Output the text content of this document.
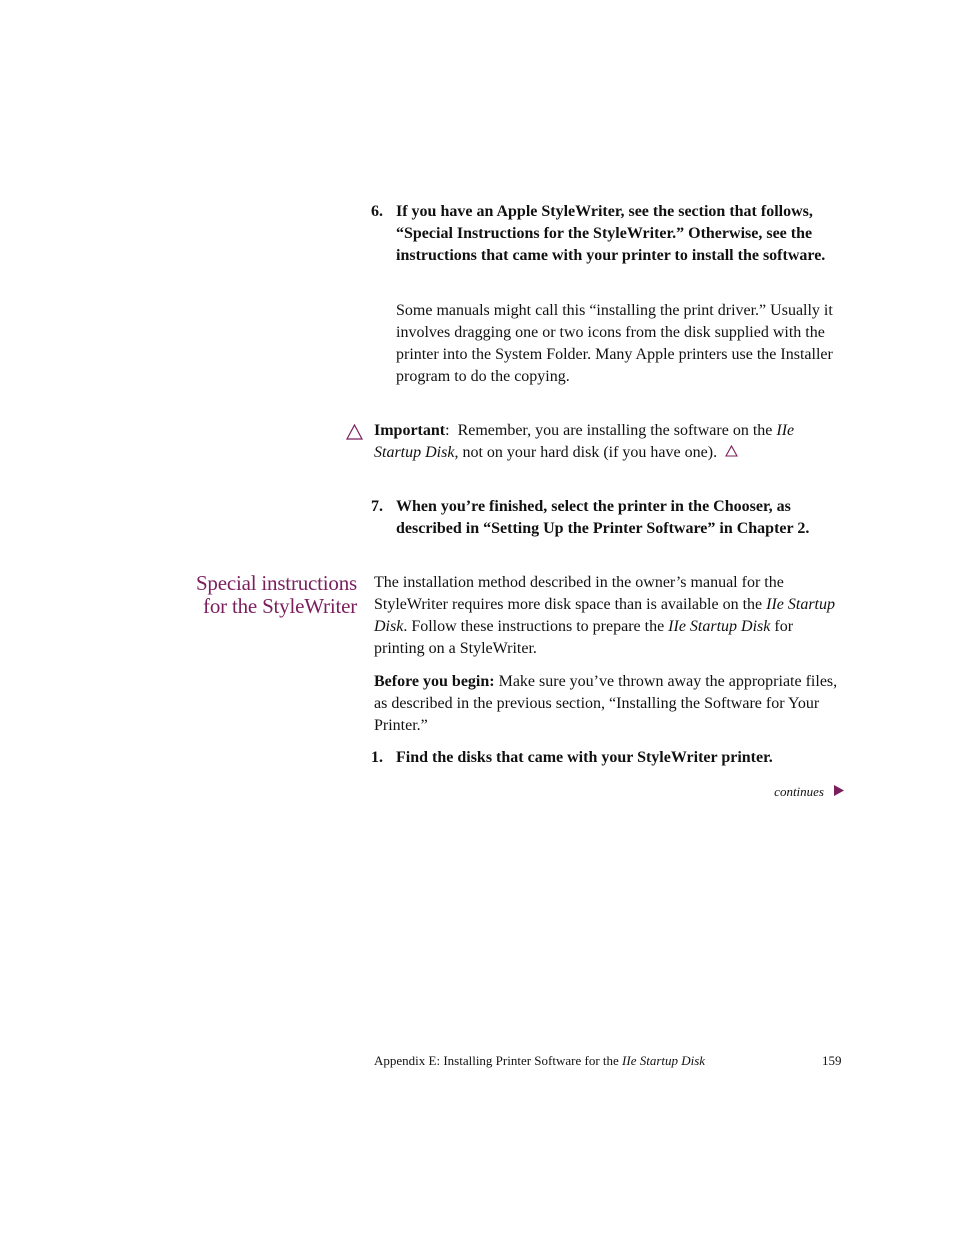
6. If you have an Apple StyleWriter, see the section that follows, “Special Instructions for the StyleWriter.” Otherwise, see the instructions that came with your printer to install the software.
Some manuals might call this “installing the print driver.” Usually it involves dragging one or two icons from the disk supplied with the printer into the System Folder. Many Apple printers use the Installer program to do the copying.
Important: Remember, you are installing the software on the IIe Startup Disk, not on your hard disk (if you have one).
7. When you’re finished, select the printer in the Chooser, as described in “Setting Up the Printer Software” in Chapter 2.
Special instructions
for the StyleWriter
The installation method described in the owner’s manual for the StyleWriter requires more disk space than is available on the IIe Startup Disk. Follow these instructions to prepare the IIe Startup Disk for printing on a StyleWriter.
Before you begin: Make sure you’ve thrown away the appropriate files, as described in the previous section, “Installing the Software for Your Printer.”
1. Find the disks that came with your StyleWriter printer.
continues
Appendix E: Installing Printer Software for the IIe Startup Disk	159
